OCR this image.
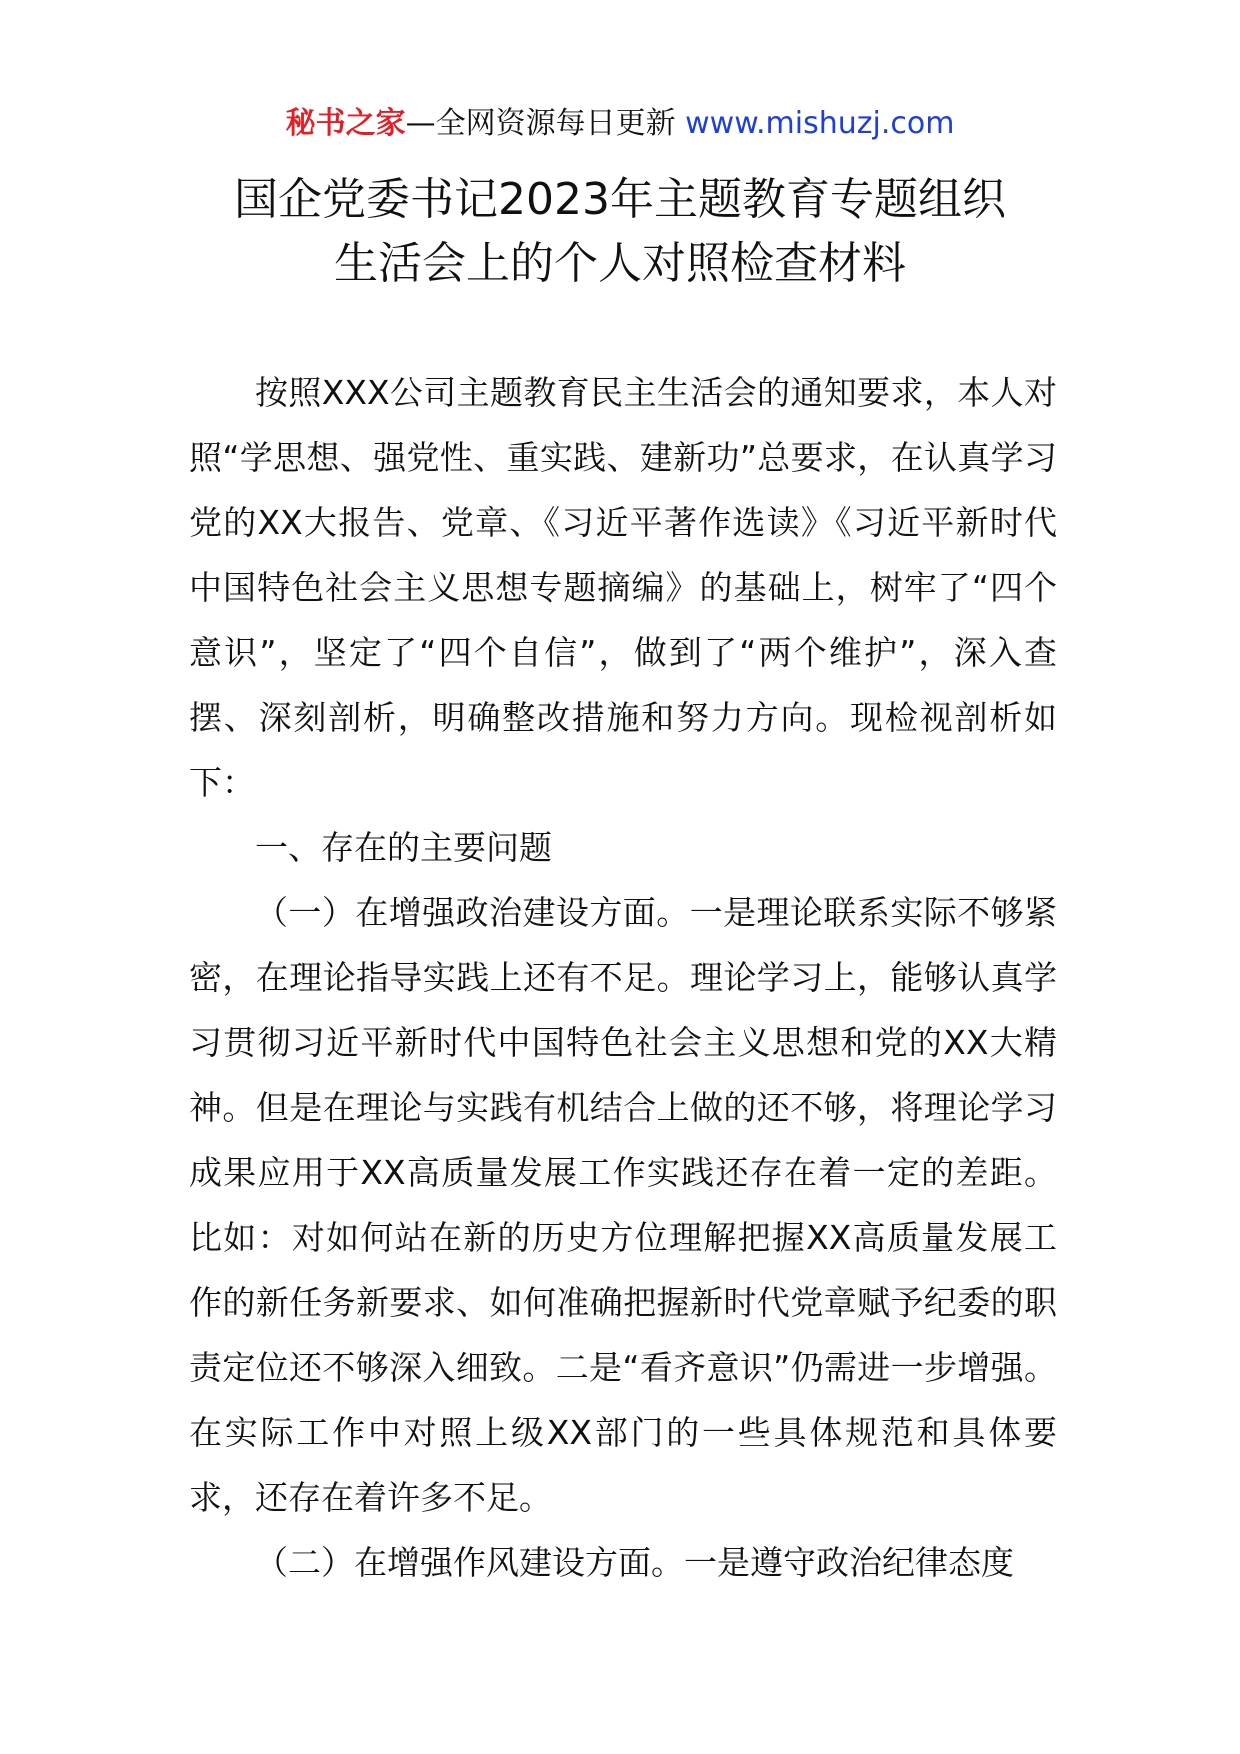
秘书之家—全网资源每日更新 www.mishuzj.com
国企党委书记2023年主题教育专题组织
生活会上的个人对照检查材料

按照XXX公司主题教育民主生活会的通知要求，本人对照“学思想、强党性、重实践、建新功”总要求，在认真学习党的XX大报告、党章、《习近平著作选读》《习近平新时代中国特色社会主义思想专题摘编》的基础上，树牢了“四个意识”，坚定了“四个自信”，做到了“两个维护”，深入查摆、深刻剖析，明确整改措施和努力方向。现检视剖析如下：

一、存在的主要问题

（一）在增强政治建设方面。一是理论联系实际不够紧密，在理论指导实践上还有不足。理论学习上，能够认真学习贯彻习近平新时代中国特色社会主义思想和党的XX大精神。但是在理论与实践有机结合上做的还不够，将理论学习成果应用于XX高质量发展工作实践还存在着一定的差距。比如：对如何站在新的历史方位理解把握XX高质量发展工作的新任务新要求、如何准确把握新时代党章赋予纪委的职责定位还不够深入细致。二是“看齐意识”仍需进一步增强。在实际工作中对照上级XX部门的一些具体规范和具体要求，还存在着许多不足。

（二）在增强作风建设方面。一是遵守政治纪律态度
